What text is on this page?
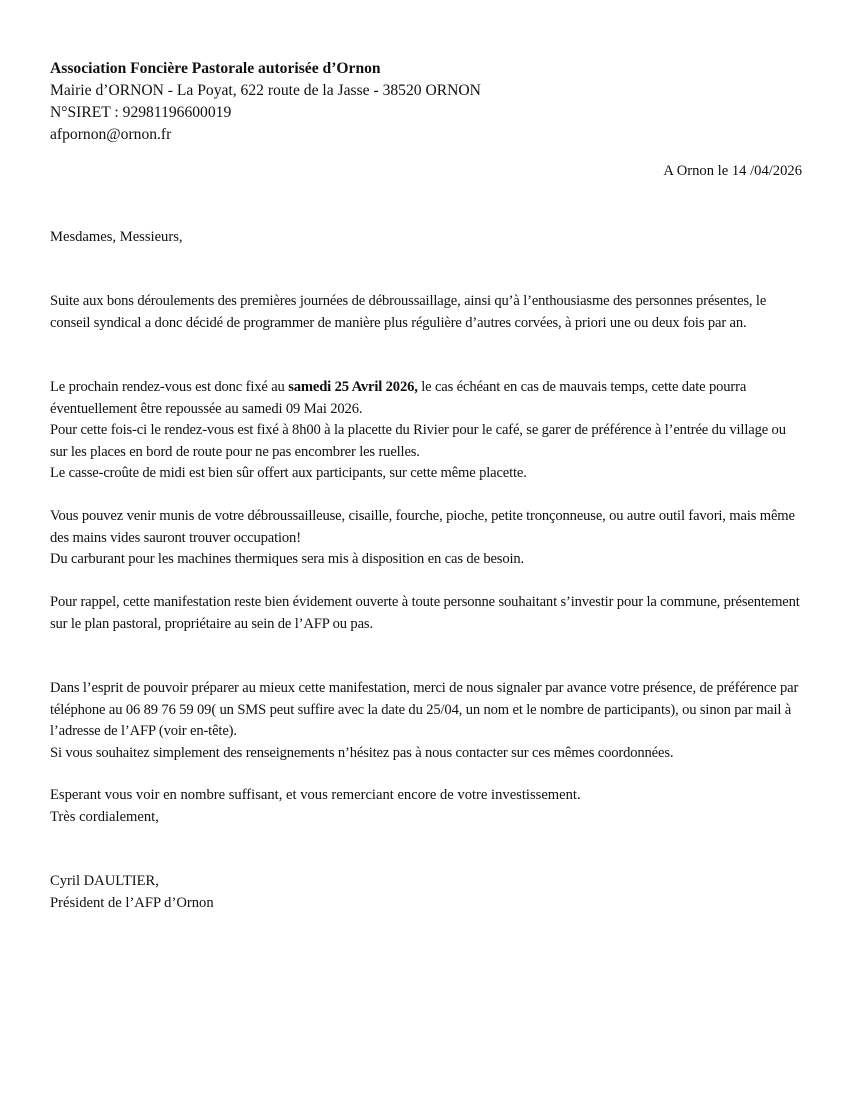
Association Foncière Pastorale autorisée d’Ornon
Mairie d’ORNON - La Poyat, 622 route de la Jasse - 38520 ORNON
N°SIRET : 92981196600019
afpornon@ornon.fr
A Ornon le 14 /04/2026
Mesdames, Messieurs,

Suite aux bons déroulements des premières journées de débroussaillage, ainsi qu’à l’enthousiasme des personnes présentes, le conseil syndical a donc décidé de programmer de manière plus régulière d’autres corvées, à priori une ou deux fois par an.

Le prochain rendez-vous est donc fixé au samedi 25 Avril 2026, le cas échéant en cas de mauvais temps, cette date pourra éventuellement être repoussée au samedi 09 Mai 2026.

Pour cette fois-ci le rendez-vous est fixé à 8h00 à la placette du Rivier pour le café, se garer de préférence à l’entrée du village ou sur les places en bord de route pour ne pas encombrer les ruelles.

Le casse-croûte de midi est bien sûr offert aux participants, sur cette même placette.

Vous pouvez venir munis de votre débroussailleuse, cisaille, fourche, pioche, petite tronçonneuse, ou autre outil favori, mais même des mains vides sauront trouver occupation!

Du carburant pour les machines thermiques sera mis à disposition en cas de besoin.

Pour rappel, cette manifestation reste bien évidement ouverte à toute personne souhaitant s’investir pour la commune, présentement sur le plan pastoral, propriétaire au sein de l’AFP ou pas.

Dans l’esprit de pouvoir préparer au mieux cette manifestation, merci de nous signaler par avance votre présence, de préférence par téléphone au 06 89 76 59 09( un SMS peut suffire avec la date du 25/04, un nom et le nombre de participants), ou sinon par mail à l’adresse de l’AFP (voir en-tête).

Si vous souhaitez simplement des renseignements n’hésitez pas à nous contacter sur ces mêmes coordonnées.

Esperant vous voir en nombre suffisant, et vous remerciant encore de votre investissement.
Très cordialement,
Cyril DAULTIER,
Président de l’AFP d’Ornon
